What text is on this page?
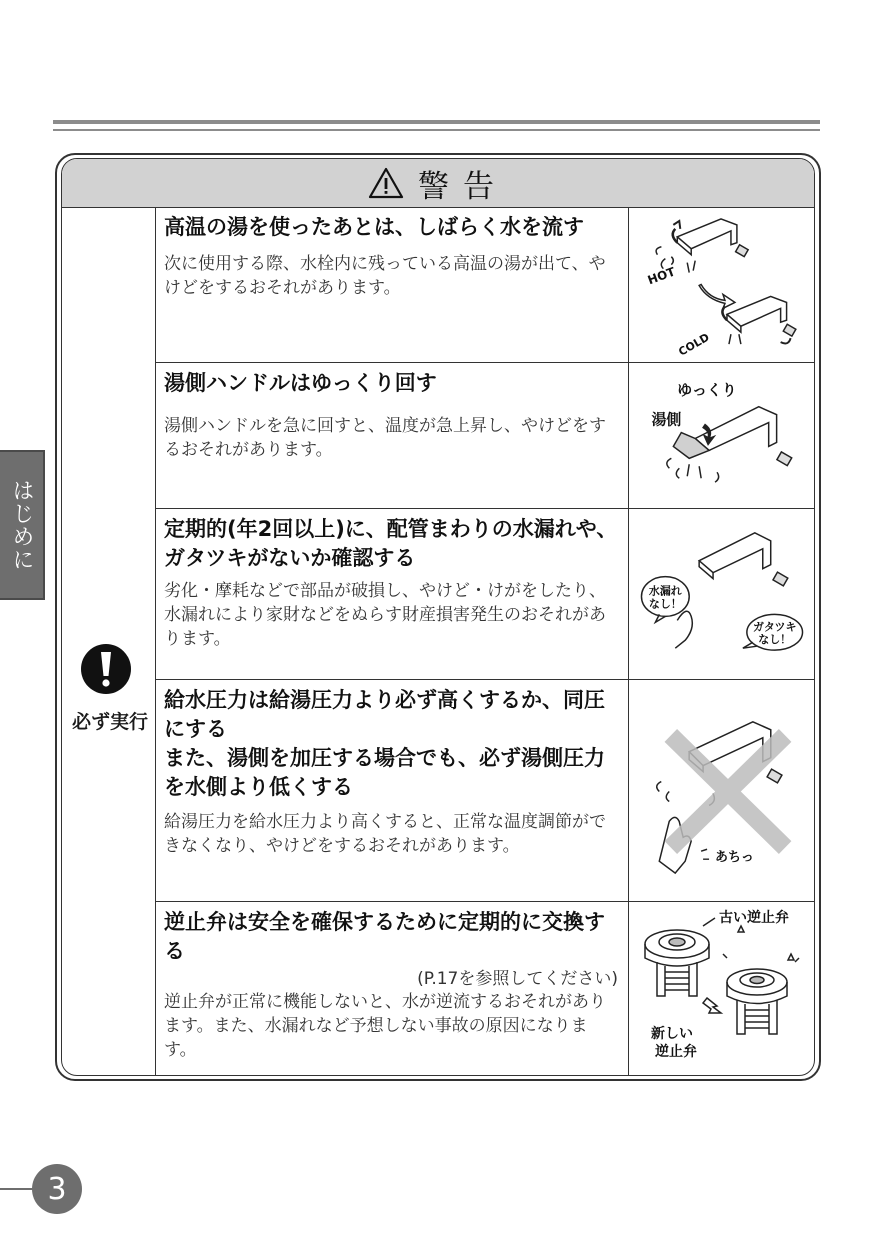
はじめに
警告
必ず実行

高温の湯を使ったあとは、しばらく水を流す

次に使用する際、水栓内に残っている高温の湯が出て、やけどをするおそれがあります。

HOT
COLD

湯側ハンドルはゆっくり回す

湯側ハンドルを急に回すと、温度が急上昇し、やけどをするおそれがあります。

ゆっくり
湯側

定期的(年2回以上)に、配管まわりの水漏れや、ガタツキがないか確認する

劣化・摩耗などで部品が破損し、やけど・けがをしたり、水漏れにより家財などをぬらす財産損害発生のおそれがあります。

水漏れ
なし！
ガタツキ
なし！

給水圧力は給湯圧力より必ず高くするか、同圧にする

また、湯側を加圧する場合でも、必ず湯側圧力を水側より低くする

給湯圧力を給水圧力より高くすると、正常な温度調節ができなくなり、やけどをするおそれがあります。

あちっ

逆止弁は安全を確保するために定期的に交換する

(P.17を参照してください)

逆止弁が正常に機能しないと、水が逆流するおそれがあります。また、水漏れなど予想しない事故の原因になります。

古い逆止弁
新しい
逆止弁
3
